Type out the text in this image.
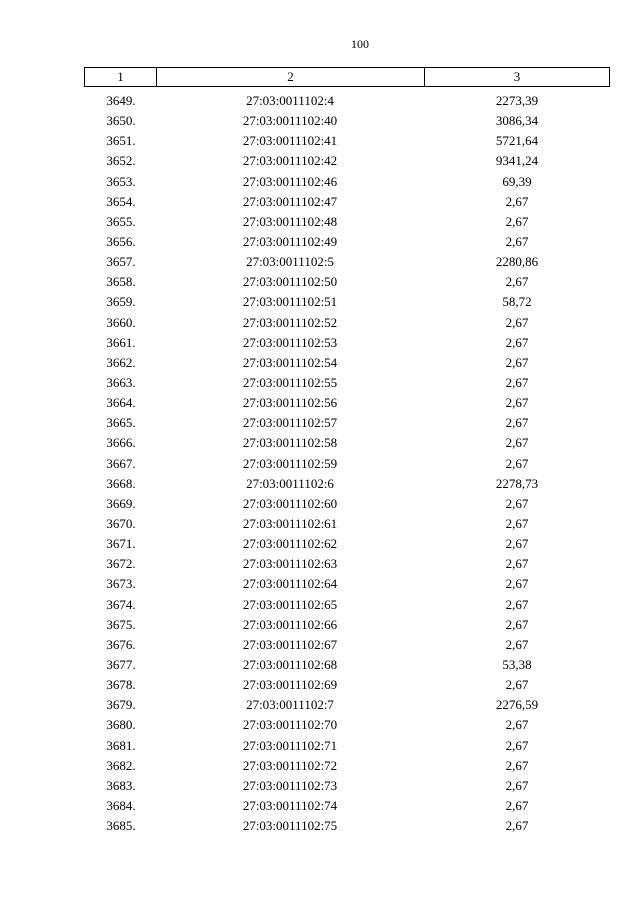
100
1	2	3
3649.	27:03:0011102:4	2273,39
3650.	27:03:0011102:40	3086,34
3651.	27:03:0011102:41	5721,64
3652.	27:03:0011102:42	9341,24
3653.	27:03:0011102:46	69,39
3654.	27:03:0011102:47	2,67
3655.	27:03:0011102:48	2,67
3656.	27:03:0011102:49	2,67
3657.	27:03:0011102:5	2280,86
3658.	27:03:0011102:50	2,67
3659.	27:03:0011102:51	58,72
3660.	27:03:0011102:52	2,67
3661.	27:03:0011102:53	2,67
3662.	27:03:0011102:54	2,67
3663.	27:03:0011102:55	2,67
3664.	27:03:0011102:56	2,67
3665.	27:03:0011102:57	2,67
3666.	27:03:0011102:58	2,67
3667.	27:03:0011102:59	2,67
3668.	27:03:0011102:6	2278,73
3669.	27:03:0011102:60	2,67
3670.	27:03:0011102:61	2,67
3671.	27:03:0011102:62	2,67
3672.	27:03:0011102:63	2,67
3673.	27:03:0011102:64	2,67
3674.	27:03:0011102:65	2,67
3675.	27:03:0011102:66	2,67
3676.	27:03:0011102:67	2,67
3677.	27:03:0011102:68	53,38
3678.	27:03:0011102:69	2,67
3679.	27:03:0011102:7	2276,59
3680.	27:03:0011102:70	2,67
3681.	27:03:0011102:71	2,67
3682.	27:03:0011102:72	2,67
3683.	27:03:0011102:73	2,67
3684.	27:03:0011102:74	2,67
3685.	27:03:0011102:75	2,67
